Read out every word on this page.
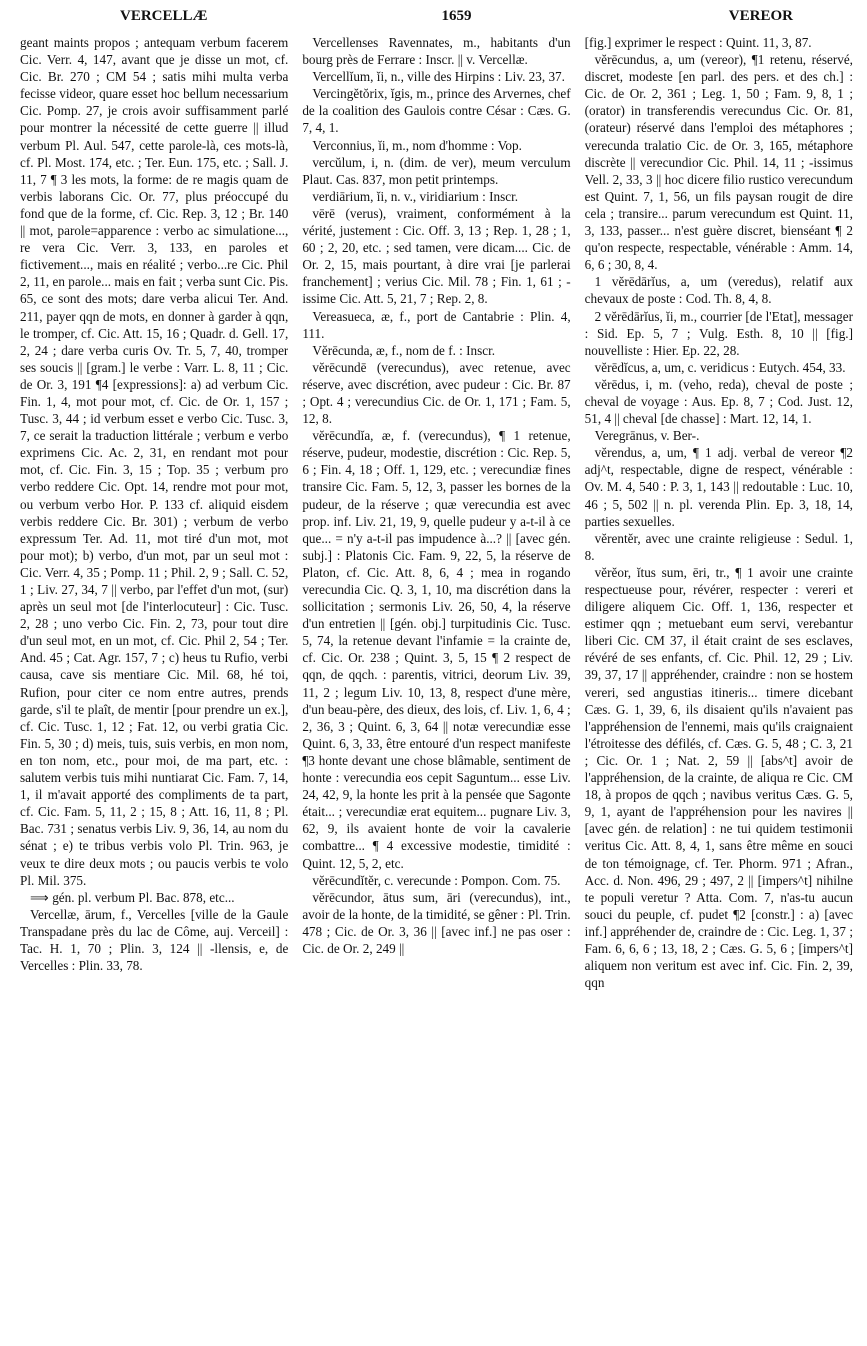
VERCELLÆ	1659	VEREOR

geant maints propos ; antequam verbum facerem Cic. Verr. 4, 147, avant que je disse un mot, cf. Cic. Br. 270 ; CM 54 ; satis mihi multa verba fecisse videor, quare esset hoc bellum necessarium Cic. Pomp. 27, je crois avoir suffisamment parlé pour montrer la nécessité de cette guerre || illud verbum Pl. Aul. 547, cette parole-là, ces mots-là, cf. Pl. Most. 174, etc. ; Ter. Eun. 175, etc. ; Sall. J. 11, 7 ¶ 3 les mots, la forme: de re magis quam de verbis laborans Cic. Or. 77, plus préoccupé du fond que de la forme, cf. Cic. Rep. 3, 12 ; Br. 140 || mot, parole=apparence : verbo ac simulatione..., re vera Cic. Verr. 3, 133, en paroles et fictivement..., mais en réalité ; verbo...re Cic. Phil 2, 11, en parole... mais en fait ; verba sunt Cic. Pis. 65, ce sont des mots; dare verba alicui Ter. And. 211, payer qqn de mots, en donner à garder à qqn, le tromper, cf. Cic. Att. 15, 16 ; Quadr. d. Gell. 17, 2, 24 ; dare verba curis Ov. Tr. 5, 7, 40, tromper ses soucis || [gram.] le verbe : Varr. L. 8, 11 ; Cic. de Or. 3, 191 ¶4 [expressions]: a) ad verbum Cic. Fin. 1, 4, mot pour mot, cf. Cic. de Or. 1, 157 ; Tusc. 3, 44 ; id verbum esset e verbo Cic. Tusc. 3, 7, ce serait la traduction littérale ; verbum e verbo exprimens Cic. Ac. 2, 31, en rendant mot pour mot, cf. Cic. Fin. 3, 15 ; Top. 35 ; verbum pro verbo reddere Cic. Opt. 14, rendre mot pour mot, ou verbum verbo Hor. P. 133 cf. aliquid eisdem verbis reddere Cic. Br. 301) ; verbum de verbo expressum Ter. Ad. 11, mot tiré d'un mot, mot pour mot); b) verbo, d'un mot, par un seul mot : Cic. Verr. 4, 35 ; Pomp. 11 ; Phil. 2, 9 ; Sall. C. 52, 1 ; Liv. 27, 34, 7 || verbo, par l'effet d'un mot, (sur) après un seul mot [de l'interlocuteur] : Cic. Tusc. 2, 28 ; uno verbo Cic. Fin. 2, 73, pour tout dire d'un seul mot, en un mot, cf. Cic. Phil 2, 54 ; Ter. And. 45 ; Cat. Agr. 157, 7 ; c) heus tu Rufio, verbi causa, cave sis mentiare Cic. Mil. 68, hé toi, Rufion, pour citer ce nom entre autres, prends garde, s'il te plaît, de mentir [pour prendre un ex.], cf. Cic. Tusc. 1, 12 ; Fat. 12, ou verbi gratia Cic. Fin. 5, 30 ; d) meis, tuis, suis verbis, en mon nom, en ton nom, etc., pour moi, de ma part, etc. : salutem verbis tuis mihi nuntiarat Cic. Fam. 7, 14, 1, il m'avait apporté des compliments de ta part, cf. Cic. Fam. 5, 11, 2 ; 15, 8 ; Att. 16, 11, 8 ; Pl. Bac. 731 ; senatus verbis Liv. 9, 36, 14, au nom du sénat ; e) te tribus verbis volo Pl. Trin. 963, je veux te dire deux mots ; ou paucis verbis te volo Pl. Mil. 375.

⟹ gén. pl. verbum Pl. Bac. 878, etc...

Vercellæ, ārum, f., Vercelles [ville de la Gaule Transpadane près du lac de Côme, auj. Verceil] : Tac. H. 1, 70 ; Plin. 3, 124 || -llensis, e, de Vercelles : Plin. 33, 78.

Vercellenses Ravennates, m., habitants d'un bourg près de Ferrare : Inscr. || v. Vercellæ.

Vercellĭum, ĭi, n., ville des Hirpins : Liv. 23, 37.

Vercingĕtŏrix, ĭgis, m., prince des Arvernes, chef de la coalition des Gaulois contre César : Cæs. G. 7, 4, 1.

Verconnius, ĭi, m., nom d'homme : Vop.

vercŭlum, i, n. (dim. de ver), meum verculum Plaut. Cas. 837, mon petit printemps.

verdiārium, ĭi, n. v., viridiarium : Inscr.

vērē (verus), vraiment, conformément à la vérité, justement : Cic. Off. 3, 13 ; Rep. 1, 28 ; 1, 60 ; 2, 20, etc. ; sed tamen, vere dicam.... Cic. de Or. 2, 15, mais pourtant, à dire vrai [je parlerai franchement] ; verius Cic. Mil. 78 ; Fin. 1, 61 ; -issime Cic. Att. 5, 21, 7 ; Rep. 2, 8.

Vereasueca, æ, f., port de Cantabrie : Plin. 4, 111.

Vĕrēcunda, æ, f., nom de f. : Inscr.

vĕrēcundē (verecundus), avec retenue, avec réserve, avec discrétion, avec pudeur : Cic. Br. 87 ; Opt. 4 ; verecundius Cic. de Or. 1, 171 ; Fam. 5, 12, 8.

vĕrēcundĭa, æ, f. (verecundus), ¶ 1 retenue, réserve, pudeur, modestie, discrétion : Cic. Rep. 5, 6 ; Fin. 4, 18 ; Off. 1, 129, etc. ; verecundiæ fines transire Cic. Fam. 5, 12, 3, passer les bornes de la pudeur, de la réserve ; quæ verecundia est avec prop. inf. Liv. 21, 19, 9, quelle pudeur y a-t-il à ce que... = n'y a-t-il pas impudence à...? || [avec gén. subj.] : Platonis Cic. Fam. 9, 22, 5, la réserve de Platon, cf. Cic. Att. 8, 6, 4 ; mea in rogando verecundia Cic. Q. 3, 1, 10, ma discrétion dans la sollicitation ; sermonis Liv. 26, 50, 4, la réserve d'un entretien || [gén. obj.] turpitudinis Cic. Tusc. 5, 74, la retenue devant l'infamie = la crainte de, cf. Cic. Or. 238 ; Quint. 3, 5, 15 ¶ 2 respect de qqn, de qqch. : parentis, vitrici, deorum Liv. 39, 11, 2 ; legum Liv. 10, 13, 8, respect d'une mère, d'un beau-père, des dieux, des lois, cf. Liv. 1, 6, 4 ; 2, 36, 3 ; Quint. 6, 3, 64 || notæ verecundiæ esse Quint. 6, 3, 33, être entouré d'un respect manifeste ¶3 honte devant une chose blâmable, sentiment de honte : verecundia eos cepit Saguntum... esse Liv. 24, 42, 9, la honte les prit à la pensée que Sagonte était... ; verecundiæ erat equitem... pugnare Liv. 3, 62, 9, ils avaient honte de voir la cavalerie combattre... ¶ 4 excessive modestie, timidité : Quint. 12, 5, 2, etc.

vĕrēcundĭtĕr, c. verecunde : Pompon. Com. 75.

vĕrēcundor, ātus sum, āri (verecundus), int., avoir de la honte, de la timidité, se gêner : Pl. Trin. 478 ; Cic. de Or. 3, 36 || [avec inf.] ne pas oser : Cic. de Or. 2, 249 ||

[fig.] exprimer le respect : Quint. 11, 3, 87.

vĕrēcundus, a, um (vereor), ¶1 retenu, réservé, discret, modeste [en parl. des pers. et des ch.] : Cic. de Or. 2, 361 ; Leg. 1, 50 ; Fam. 9, 8, 1 ; (orator) in transferendis verecundus Cic. Or. 81, (orateur) réservé dans l'emploi des métaphores ; verecunda tralatio Cic. de Or. 3, 165, métaphore discrète || verecundior Cic. Phil. 14, 11 ; -issimus Vell. 2, 33, 3 || hoc dicere filio rustico verecundum est Quint. 7, 1, 56, un fils paysan rougit de dire cela ; transire... parum verecundum est Quint. 11, 3, 133, passer... n'est guère discret, bienséant ¶ 2 qu'on respecte, respectable, vénérable : Amm. 14, 6, 6 ; 30, 8, 4.

1 vĕrēdārĭus, a, um (veredus), relatif aux chevaux de poste : Cod. Th. 8, 4, 8.

2 vĕrēdārĭus, ĭi, m., courrier [de l'Etat], messager : Sid. Ep. 5, 7 ; Vulg. Esth. 8, 10 || [fig.] nouvelliste : Hier. Ep. 22, 28.

vĕrēdĭcus, a, um, c. veridicus : Eutych. 454, 33.

vĕrēdus, i, m. (veho, reda), cheval de poste ; cheval de voyage : Aus. Ep. 8, 7 ; Cod. Just. 12, 51, 4 || cheval [de chasse] : Mart. 12, 14, 1.

Veregrānus, v. Ber-.

vĕrendus, a, um, ¶ 1 adj. verbal de vereor ¶2 adj^t, respectable, digne de respect, vénérable : Ov. M. 4, 540 : P. 3, 1, 143 || redoutable : Luc. 10, 46 ; 5, 502 || n. pl. verenda Plin. Ep. 3, 18, 14, parties sexuelles.

vĕrentĕr, avec une crainte religieuse : Sedul. 1, 8.

vĕrĕor, ĭtus sum, ēri, tr., ¶ 1 avoir une crainte respectueuse pour, révérer, respecter : vereri et diligere aliquem Cic. Off. 1, 136, respecter et estimer qqn ; metuebant eum servi, verebantur liberi Cic. CM 37, il était craint de ses esclaves, révéré de ses enfants, cf. Cic. Phil. 12, 29 ; Liv. 39, 37, 17 || appréhender, craindre : non se hostem vereri, sed angustias itineris... timere dicebant Cæs. G. 1, 39, 6, ils disaient qu'ils n'avaient pas l'appréhension de l'ennemi, mais qu'ils craignaient l'étroitesse des défilés, cf. Cæs. G. 5, 48 ; C. 3, 21 ; Cic. Or. 1 ; Nat. 2, 59 || [abs^t] avoir de l'appréhension, de la crainte, de aliqua re Cic. CM 18, à propos de qqch ; navibus veritus Cæs. G. 5, 9, 1, ayant de l'appréhension pour les navires || [avec gén. de relation] : ne tui quidem testimonii veritus Cic. Att. 8, 4, 1, sans être même en souci de ton témoignage, cf. Ter. Phorm. 971 ; Afran., Acc. d. Non. 496, 29 ; 497, 2 || [impers^t] nihilne te populi veretur ? Atta. Com. 7, n'as-tu aucun souci du peuple, cf. pudet ¶2 [constr.] : a) [avec inf.] appréhender de, craindre de : Cic. Leg. 1, 37 ; Fam. 6, 6, 6 ; 13, 18, 2 ; Cæs. G. 5, 6 ; [impers^t] aliquem non veritum est avec inf. Cic. Fin. 2, 39, qqn
